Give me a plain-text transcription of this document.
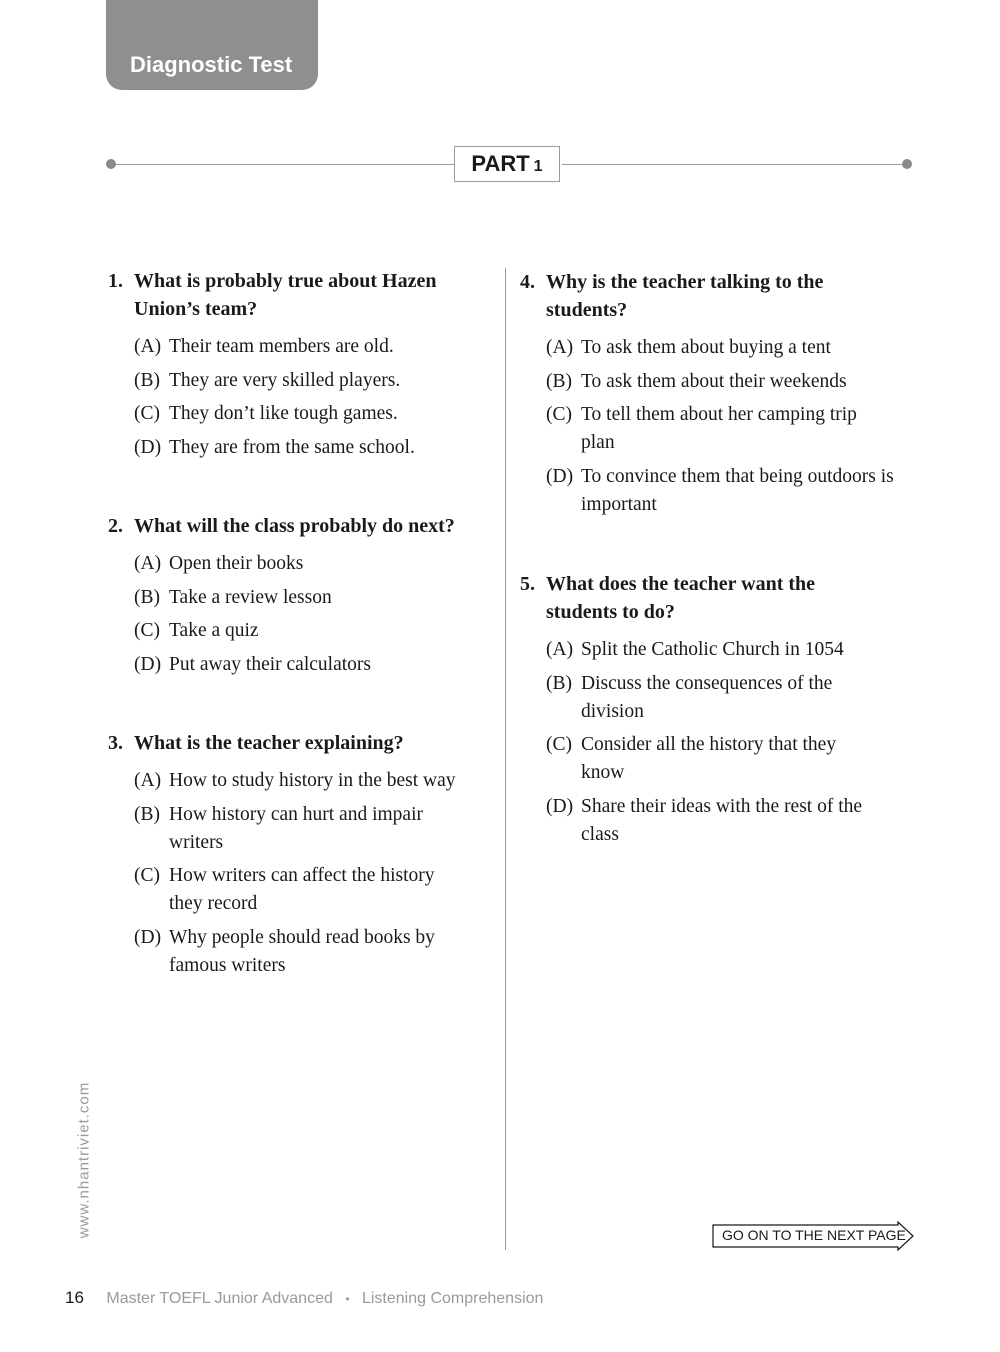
Diagnostic Test
PART 1
1. What is probably true about Hazen Union’s team?
(A) Their team members are old.
(B) They are very skilled players.
(C) They don’t like tough games.
(D) They are from the same school.
2. What will the class probably do next?
(A) Open their books
(B) Take a review lesson
(C) Take a quiz
(D) Put away their calculators
3. What is the teacher explaining?
(A) How to study history in the best way
(B) How history can hurt and impair writers
(C) How writers can affect the history they record
(D) Why people should read books by famous writers
4. Why is the teacher talking to the students?
(A) To ask them about buying a tent
(B) To ask them about their weekends
(C) To tell them about her camping trip plan
(D) To convince them that being outdoors is important
5. What does the teacher want the students to do?
(A) Split the Catholic Church in 1054
(B) Discuss the consequences of the division
(C) Consider all the history that they know
(D) Share their ideas with the rest of the class
www.nhantriviet.com	GO ON TO THE NEXT PAGE
16 Master TOEFL Junior Advanced • Listening Comprehension
